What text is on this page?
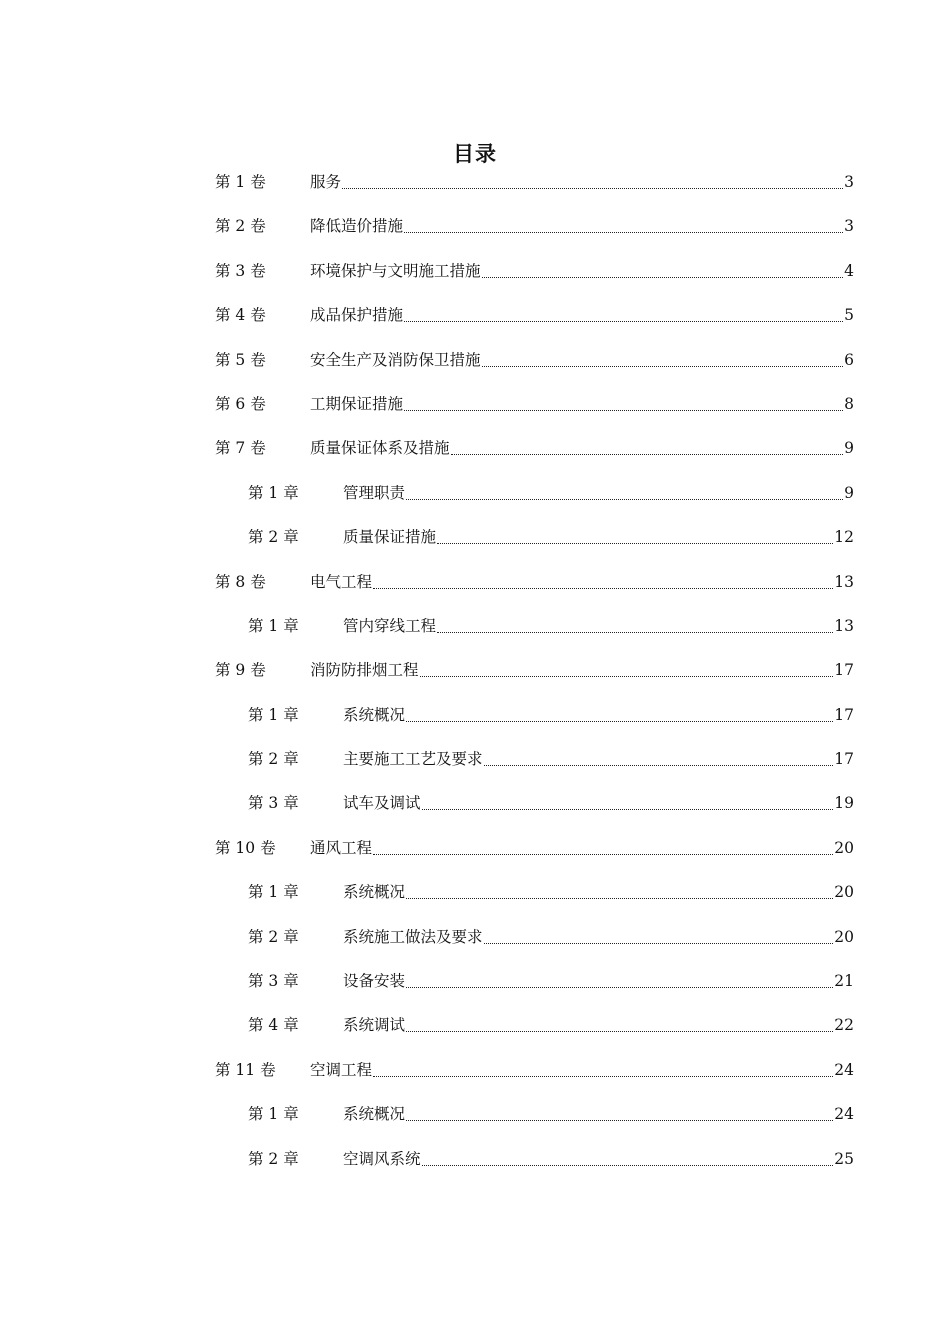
目录
第 1 卷	服务	3
第 2 卷	降低造价措施	3
第 3 卷	环境保护与文明施工措施	4
第 4 卷	成品保护措施	5
第 5 卷	安全生产及消防保卫措施	6
第 6 卷	工期保证措施	8
第 7 卷	质量保证体系及措施	9
第 1 章	管理职责	9
第 2 章	质量保证措施	12
第 8 卷	电气工程	13
第 1 章	管内穿线工程	13
第 9 卷	消防防排烟工程	17
第 1 章	系统概况	17
第 2 章	主要施工工艺及要求	17
第 3 章	试车及调试	19
第 10 卷	通风工程	20
第 1 章	系统概况	20
第 2 章	系统施工做法及要求	20
第 3 章	设备安装	21
第 4 章	系统调试	22
第 11 卷	空调工程	24
第 1 章	系统概况	24
第 2 章	空调风系统	25
